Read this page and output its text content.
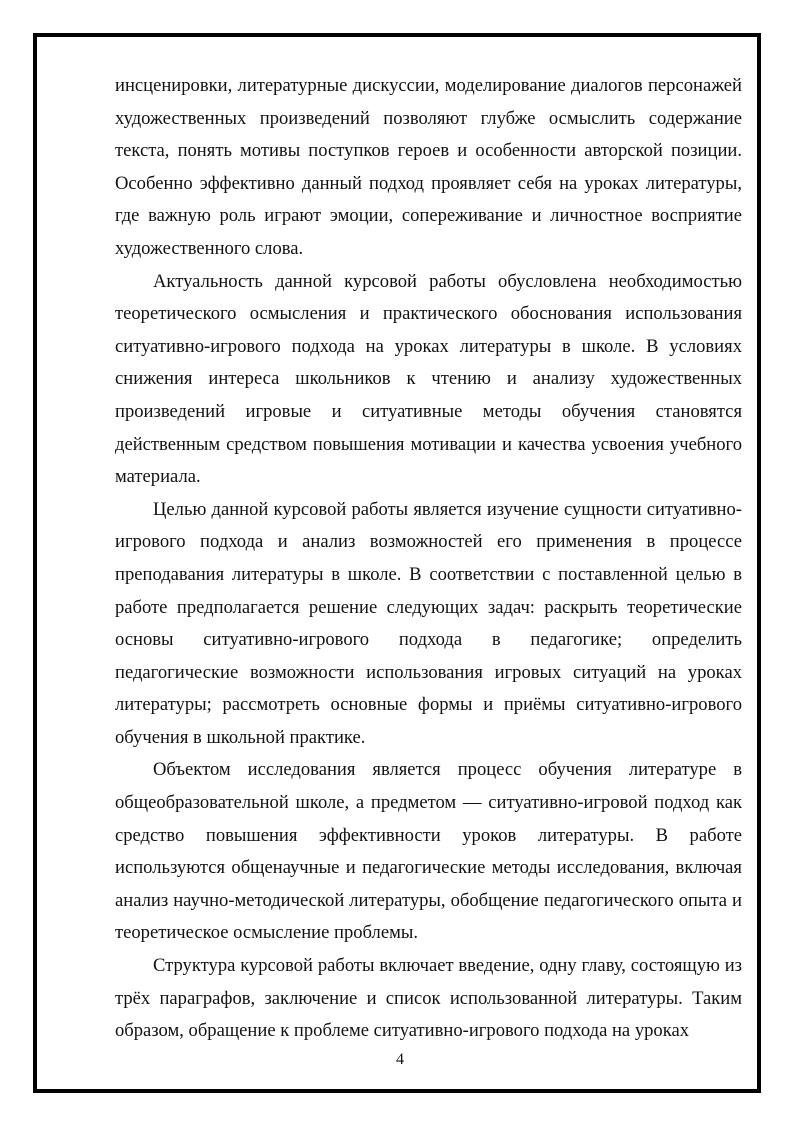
инсценировки, литературные дискуссии, моделирование диалогов персонажей художественных произведений позволяют глубже осмыслить содержание текста, понять мотивы поступков героев и особенности авторской позиции. Особенно эффективно данный подход проявляет себя на уроках литературы, где важную роль играют эмоции, сопереживание и личностное восприятие художественного слова.

Актуальность данной курсовой работы обусловлена необходимостью теоретического осмысления и практического обоснования использования ситуативно-игрового подхода на уроках литературы в школе. В условиях снижения интереса школьников к чтению и анализу художественных произведений игровые и ситуативные методы обучения становятся действенным средством повышения мотивации и качества усвоения учебного материала.

Целью данной курсовой работы является изучение сущности ситуативно-игрового подхода и анализ возможностей его применения в процессе преподавания литературы в школе. В соответствии с поставленной целью в работе предполагается решение следующих задач: раскрыть теоретические основы ситуативно-игрового подхода в педагогике; определить педагогические возможности использования игровых ситуаций на уроках литературы; рассмотреть основные формы и приёмы ситуативно-игрового обучения в школьной практике.

Объектом исследования является процесс обучения литературе в общеобразовательной школе, а предметом — ситуативно-игровой подход как средство повышения эффективности уроков литературы. В работе используются общенаучные и педагогические методы исследования, включая анализ научно-методической литературы, обобщение педагогического опыта и теоретическое осмысление проблемы.

Структура курсовой работы включает введение, одну главу, состоящую из трёх параграфов, заключение и список использованной литературы. Таким образом, обращение к проблеме ситуативно-игрового подхода на уроках

4
